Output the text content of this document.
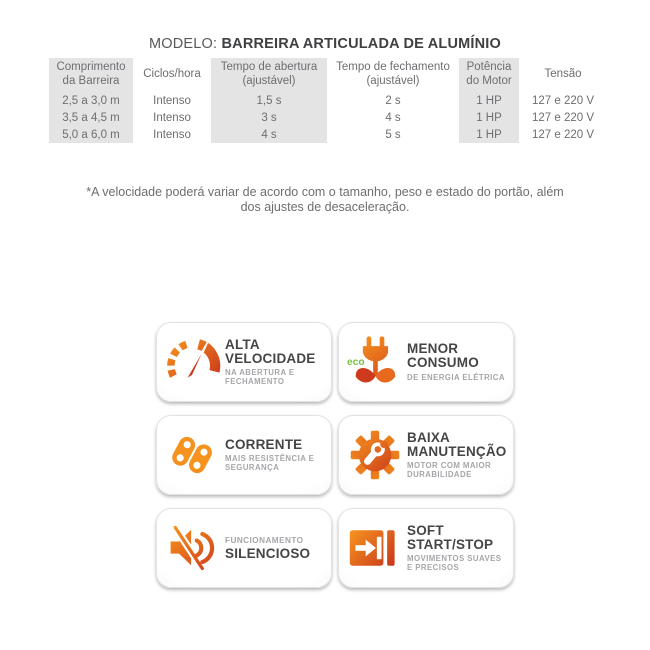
MODELO: BARREIRA ARTICULADA DE ALUMÍNIO
Comprimento da Barreira	Ciclos/hora	Tempo de abertura (ajustável)	Tempo de fechamento (ajustável)	Potência do Motor	Tensão
2,5 a 3,0 m	Intenso	1,5 s	2 s	1 HP	127 e 220 V
3,5 a 4,5 m	Intenso	3 s	4 s	1 HP	127 e 220 V
5,0 a 6,0 m	Intenso	4 s	5 s	1 HP	127 e 220 V

*A velocidade poderá variar de acordo com o tamanho, peso e estado do portão, além dos ajustes de desaceleração.

ALTA VELOCIDADE
NA ABERTURA E FECHAMENTO
eco
MENOR CONSUMO
DE ENERGIA ELÉTRICA
CORRENTE
MAIS RESISTÊNCIA E SEGURANÇA
BAIXA MANUTENÇÃO
MOTOR COM MAIOR DURABILIDADE
FUNCIONAMENTO
SILENCIOSO
SOFT START/STOP
MOVIMENTOS SUAVES E PRECISOS
